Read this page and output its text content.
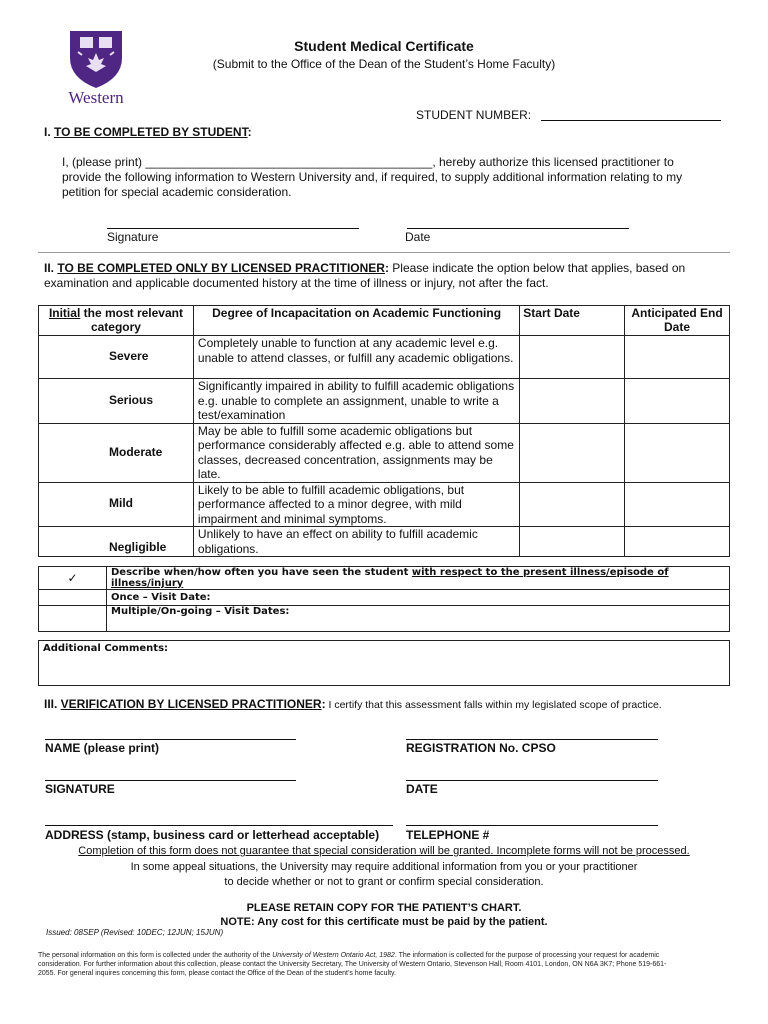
Western
Student Medical Certificate
(Submit to the Office of the Dean of the Student’s Home Faculty)
STUDENT NUMBER:
I. TO BE COMPLETED BY STUDENT:
I, (please print) ___________________________________________, hereby authorize this licensed practitioner to
provide the following information to Western University and, if required, to supply additional information relating to my
petition for special academic consideration.
Signature	Date
II. TO BE COMPLETED ONLY BY LICENSED PRACTITIONER: Please indicate the option below that applies, based on
examination and applicable documented history at the time of illness or injury, not after the fact.
Initial the most relevant category	Degree of Incapacitation on Academic Functioning	Start Date	Anticipated End Date
Severe	Completely unable to function at any academic level e.g. unable to attend classes, or fulfill any academic obligations.		
Serious	Significantly impaired in ability to fulfill academic obligations e.g. unable to complete an assignment, unable to write a test/examination		
Moderate	May be able to fulfill some academic obligations but performance considerably affected e.g. able to attend some classes, decreased concentration, assignments may be late.		
Mild	Likely to be able to fulfill academic obligations, but performance affected to a minor degree, with mild impairment and minimal symptoms.		
Negligible	Unlikely to have an effect on ability to fulfill academic obligations.		
✓	Describe when/how often you have seen the student with respect to the present illness/episode of illness/injury
	Once – Visit Date:
	Multiple/On-going – Visit Dates:
Additional Comments:
III. VERIFICATION BY LICENSED PRACTITIONER: I certify that this assessment falls within my legislated scope of practice.
NAME (please print)	REGISTRATION No. CPSO
SIGNATURE	DATE
ADDRESS (stamp, business card or letterhead acceptable) TELEPHONE #
Completion of this form does not guarantee that special consideration will be granted. Incomplete forms will not be processed.
In some appeal situations, the University may require additional information from you or your practitioner
to decide whether or not to grant or confirm special consideration.
PLEASE RETAIN COPY FOR THE PATIENT’S CHART.
NOTE: Any cost for this certificate must be paid by the patient.
Issued: 08SEP (Revised: 10DEC; 12JUN; 15JUN)
The personal information on this form is collected under the authority of the University of Western Ontario Act, 1982. The information is collected for the purpose of processing your request for academic
consideration. For further information about this collection, please contact the University Secretary, The University of Western Ontario, Stevenson Hall, Room 4101, London, ON N6A 3K7; Phone 519-661-
2055. For general inquires concerning this form, please contact the Office of the Dean of the student’s home faculty.
